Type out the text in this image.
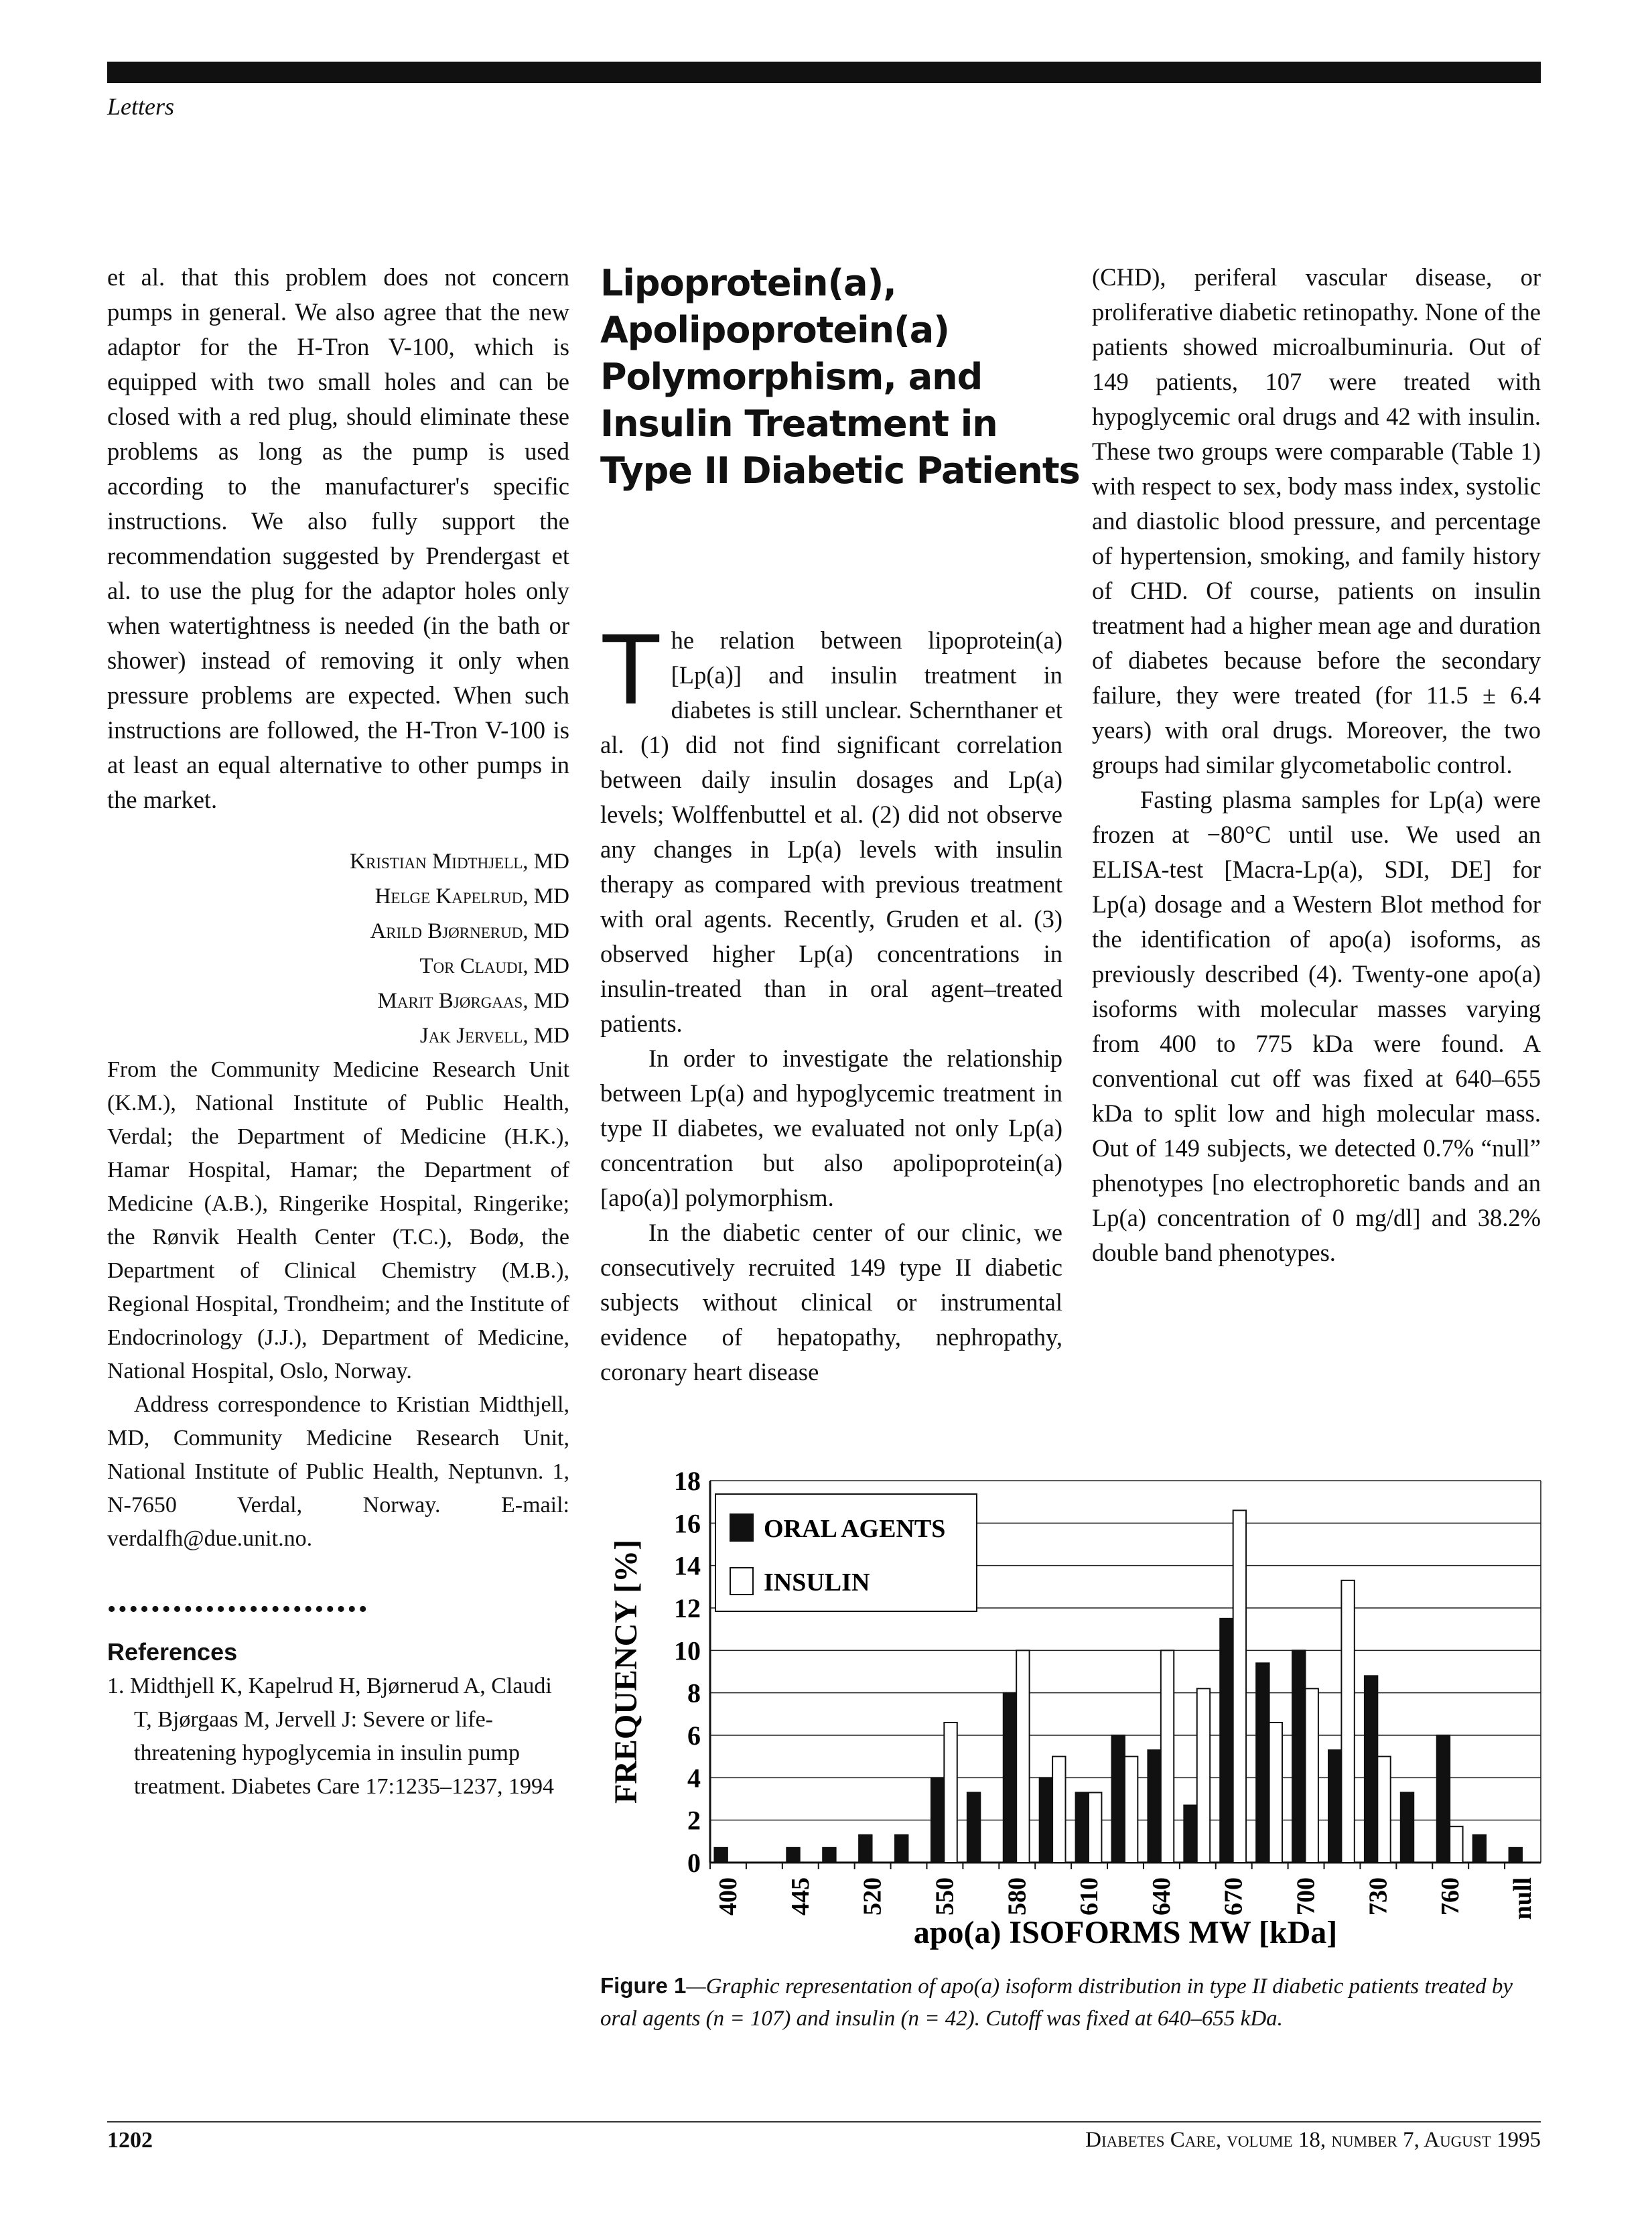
Letters

et al. that this problem does not concern pumps in general. We also agree that the new adaptor for the H-Tron V-100, which is equipped with two small holes and can be closed with a red plug, should eliminate these problems as long as the pump is used according to the manufacturer's specific instructions. We also fully support the recommendation suggested by Prendergast et al. to use the plug for the adaptor holes only when watertightness is needed (in the bath or shower) instead of removing it only when pressure problems are expected. When such instructions are followed, the H-Tron V-100 is at least an equal alternative to other pumps in the market.

Kristian Midthjell, MD
Helge Kapelrud, MD
Arild Bjørnerud, MD
Tor Claudi, MD
Marit Bjørgaas, MD
Jak Jervell, MD

From the Community Medicine Research Unit (K.M.), National Institute of Public Health, Verdal; the Department of Medicine (H.K.), Hamar Hospital, Hamar; the Department of Medicine (A.B.), Ringerike Hospital, Ringerike; the Rønvik Health Center (T.C.), Bodø, the Department of Clinical Chemistry (M.B.), Regional Hospital, Trondheim; and the Institute of Endocrinology (J.J.), Department of Medicine, National Hospital, Oslo, Norway.

Address correspondence to Kristian Midthjell, MD, Community Medicine Research Unit, National Institute of Public Health, Neptunvn. 1, N-7650 Verdal, Norway. E-mail: verdalfh@due.unit.no.

••••••••••••••••••••••••
References

1. Midthjell K, Kapelrud H, Bjørnerud A, Claudi T, Bjørgaas M, Jervell J: Severe or life-threatening hypoglycemia in insulin pump treatment. Diabetes Care 17:1235–1237, 1994

Lipoprotein(a), Apolipoprotein(a) Polymorphism, and Insulin Treatment in Type II Diabetic Patients

The relation between lipoprotein(a) [Lp(a)] and insulin treatment in diabetes is still unclear. Schernthaner et al. (1) did not find significant correlation between daily insulin dosages and Lp(a) levels; Wolffenbuttel et al. (2) did not observe any changes in Lp(a) levels with insulin therapy as compared with previous treatment with oral agents. Recently, Gruden et al. (3) observed higher Lp(a) concentrations in insulin-treated than in oral agent–treated patients.

In order to investigate the relationship between Lp(a) and hypoglycemic treatment in type II diabetes, we evaluated not only Lp(a) concentration but also apolipoprotein(a) [apo(a)] polymorphism.

In the diabetic center of our clinic, we consecutively recruited 149 type II diabetic subjects without clinical or instrumental evidence of hepatopathy, nephropathy, coronary heart disease

(CHD), periferal vascular disease, or proliferative diabetic retinopathy. None of the patients showed microalbuminuria. Out of 149 patients, 107 were treated with hypoglycemic oral drugs and 42 with insulin. These two groups were comparable (Table 1) with respect to sex, body mass index, systolic and diastolic blood pressure, and percentage of hypertension, smoking, and family history of CHD. Of course, patients on insulin treatment had a higher mean age and duration of diabetes because before the secondary failure, they were treated (for 11.5 ± 6.4 years) with oral drugs. Moreover, the two groups had similar glycometabolic control.

Fasting plasma samples for Lp(a) were frozen at −80°C until use. We used an ELISA-test [Macra-Lp(a), SDI, DE] for Lp(a) dosage and a Western Blot method for the identification of apo(a) isoforms, as previously described (4). Twenty-one apo(a) isoforms with molecular masses varying from 400 to 775 kDa were found. A conventional cut off was fixed at 640–655 kDa to split low and high molecular mass. Out of 149 subjects, we detected 0.7% “null” phenotypes [no electrophoretic bands and an Lp(a) concentration of 0 mg/dl] and 38.2% double band phenotypes.

0
2
4
6
8
10
12
14
16
18
400 445 520 550 580 610 640 670 700 730 760 null
ORAL AGENTS
INSULIN
apo(a) ISOFORMS MW [kDa]
FREQUENCY [%]
Figure 1—Graphic representation of apo(a) isoform distribution in type II diabetic patients treated by oral agents (n = 107) and insulin (n = 42). Cutoff was fixed at 640–655 kDa.
1202	Diabetes Care, volume 18, number 7, August 1995
